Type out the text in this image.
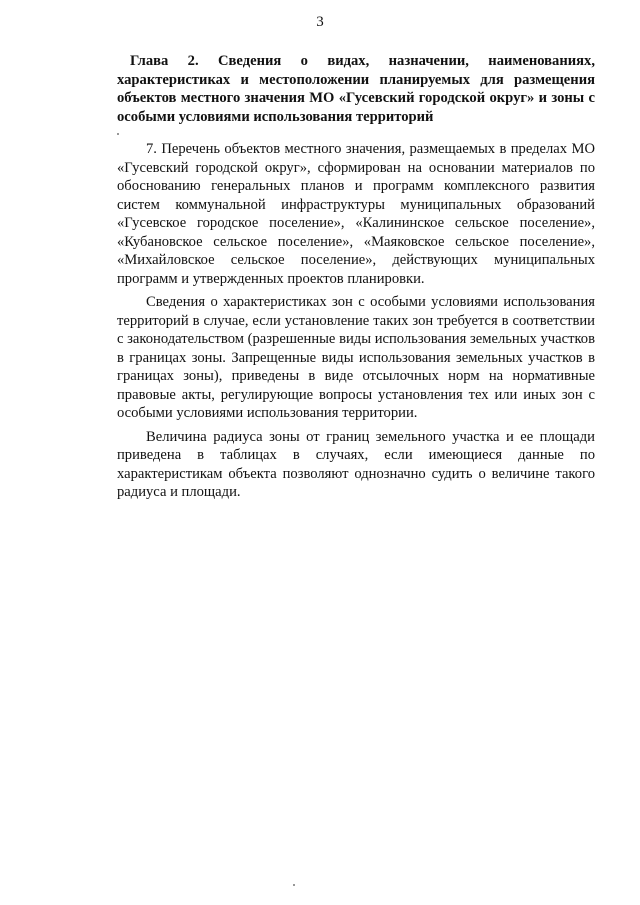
3

Глава 2. Сведения о видах, назначении, наименованиях, характеристиках и местоположении планируемых для размещения объектов местного значения МО «Гусевский городской округ» и зоны с особыми условиями использования территорий

7. Перечень объектов местного значения, размещаемых в пределах МО «Гусевский городской округ», сформирован на основании материалов по обоснованию генеральных планов и программ комплексного развития систем коммунальной инфраструктуры муниципальных образований «Гусевское городское поселение», «Калининское сельское поселение», «Кубановское сельское поселение», «Маяковское сельское поселение», «Михайловское сельское поселение», действующих муниципальных программ и утвержденных проектов планировки.

Сведения о характеристиках зон с особыми условиями использования территорий в случае, если установление таких зон требуется в соответствии с законодательством (разрешенные виды использования земельных участков в границах зоны. Запрещенные виды использования земельных участков в границах зоны), приведены в виде отсылочных норм на нормативные правовые акты, регулирующие вопросы установления тех или иных зон с особыми условиями использования территории.

Величина радиуса зоны от границ земельного участка и ее площади приведена в таблицах в случаях, если имеющиеся данные по характеристикам объекта позволяют однозначно судить о величине такого радиуса и площади.
